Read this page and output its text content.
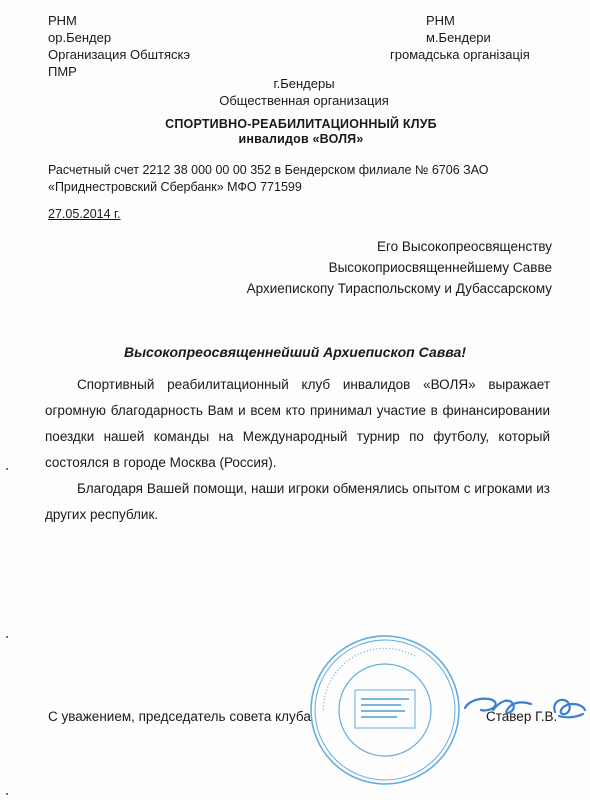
РНМ
ор.Бендер
Организация Обштяскэ
ПМР
РНМ
м.Бендери
громадська організація
г.Бендеры
Общественная организация
СПОРТИВНО-РЕАБИЛИТАЦИОННЫЙ КЛУБ
инвалидов «ВОЛЯ»
Расчетный счет 2212 38 000 00 00 352 в Бендерском филиале № 6706 ЗАО
«Приднестровский Сбербанк» МФО 771599
27.05.2014 г.
Его Высокопреосвященству
Высокоприосвященнейшему Савве
Архиепископу Тираспольскому и Дубассарскому
Высокопреосвященнейший Архиепископ Савва!

Спортивный реабилитационный клуб инвалидов «ВОЛЯ» выражает огромную благодарность Вам и всем кто принимал участие в финансировании поездки нашей команды на Международный турнир по футболу, который состоялся в городе Москва (Россия).

Благодаря Вашей помощи, наши игроки обменялись опытом с игроками из других республик.

С уважением, председатель совета клуба • • • • • • • • • • • • • • • • • • • • • • • • • • • • • • • • • • • • • • • •
Ставер Г.В.
